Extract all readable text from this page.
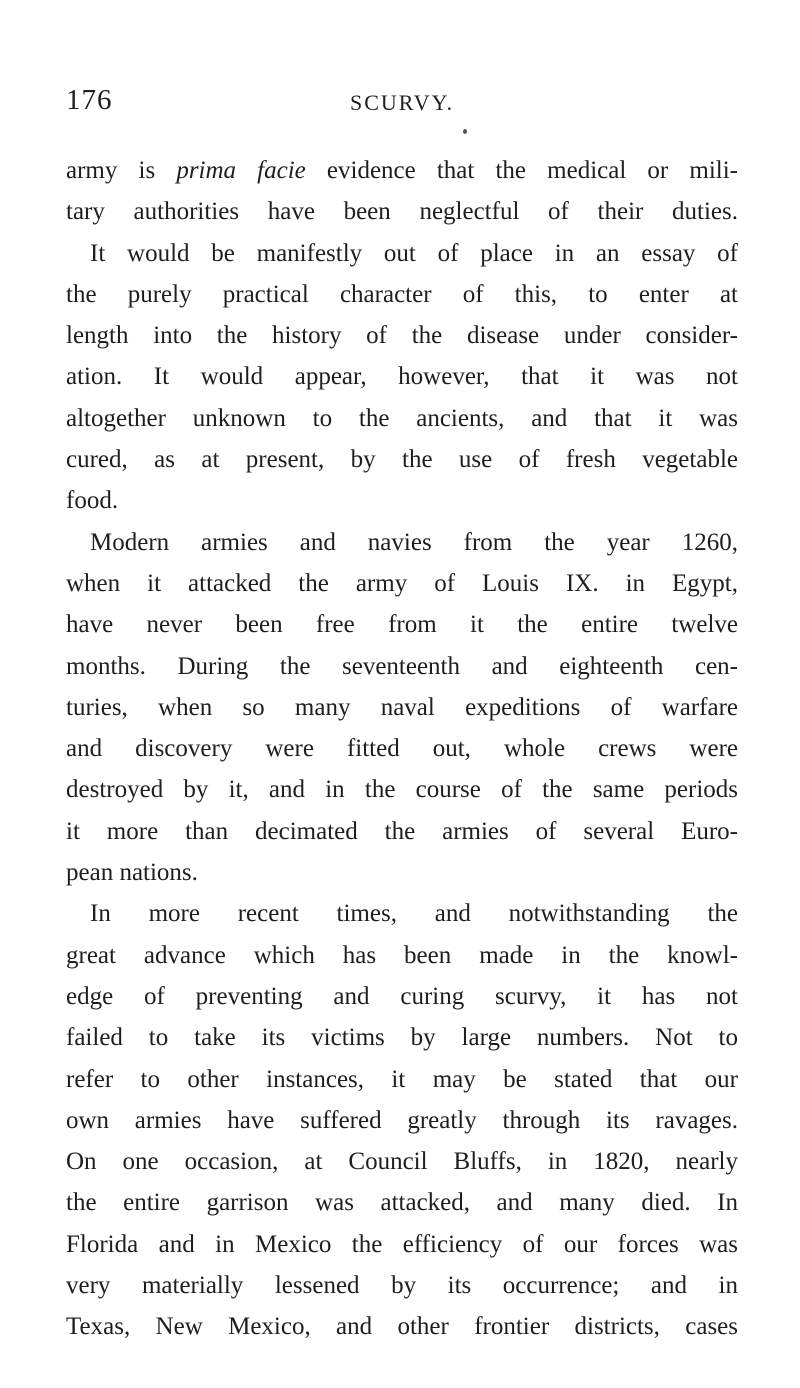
176	SCURVY.
army is prima facie evidence that the medical or mili-
tary authorities have been neglectful of their duties.
It would be manifestly out of place in an essay of
the purely practical character of this, to enter at
length into the history of the disease under consider-
ation. It would appear, however, that it was not
altogether unknown to the ancients, and that it was
cured, as at present, by the use of fresh vegetable
food.
Modern armies and navies from the year 1260,
when it attacked the army of Louis IX. in Egypt,
have never been free from it the entire twelve
months. During the seventeenth and eighteenth cen-
turies, when so many naval expeditions of warfare
and discovery were fitted out, whole crews were
destroyed by it, and in the course of the same periods
it more than decimated the armies of several Euro-
pean nations.
In more recent times, and notwithstanding the
great advance which has been made in the knowl-
edge of preventing and curing scurvy, it has not
failed to take its victims by large numbers. Not to
refer to other instances, it may be stated that our
own armies have suffered greatly through its ravages.
On one occasion, at Council Bluffs, in 1820, nearly
the entire garrison was attacked, and many died. In
Florida and in Mexico the efficiency of our forces was
very materially lessened by its occurrence; and in
Texas, New Mexico, and other frontier districts, cases
